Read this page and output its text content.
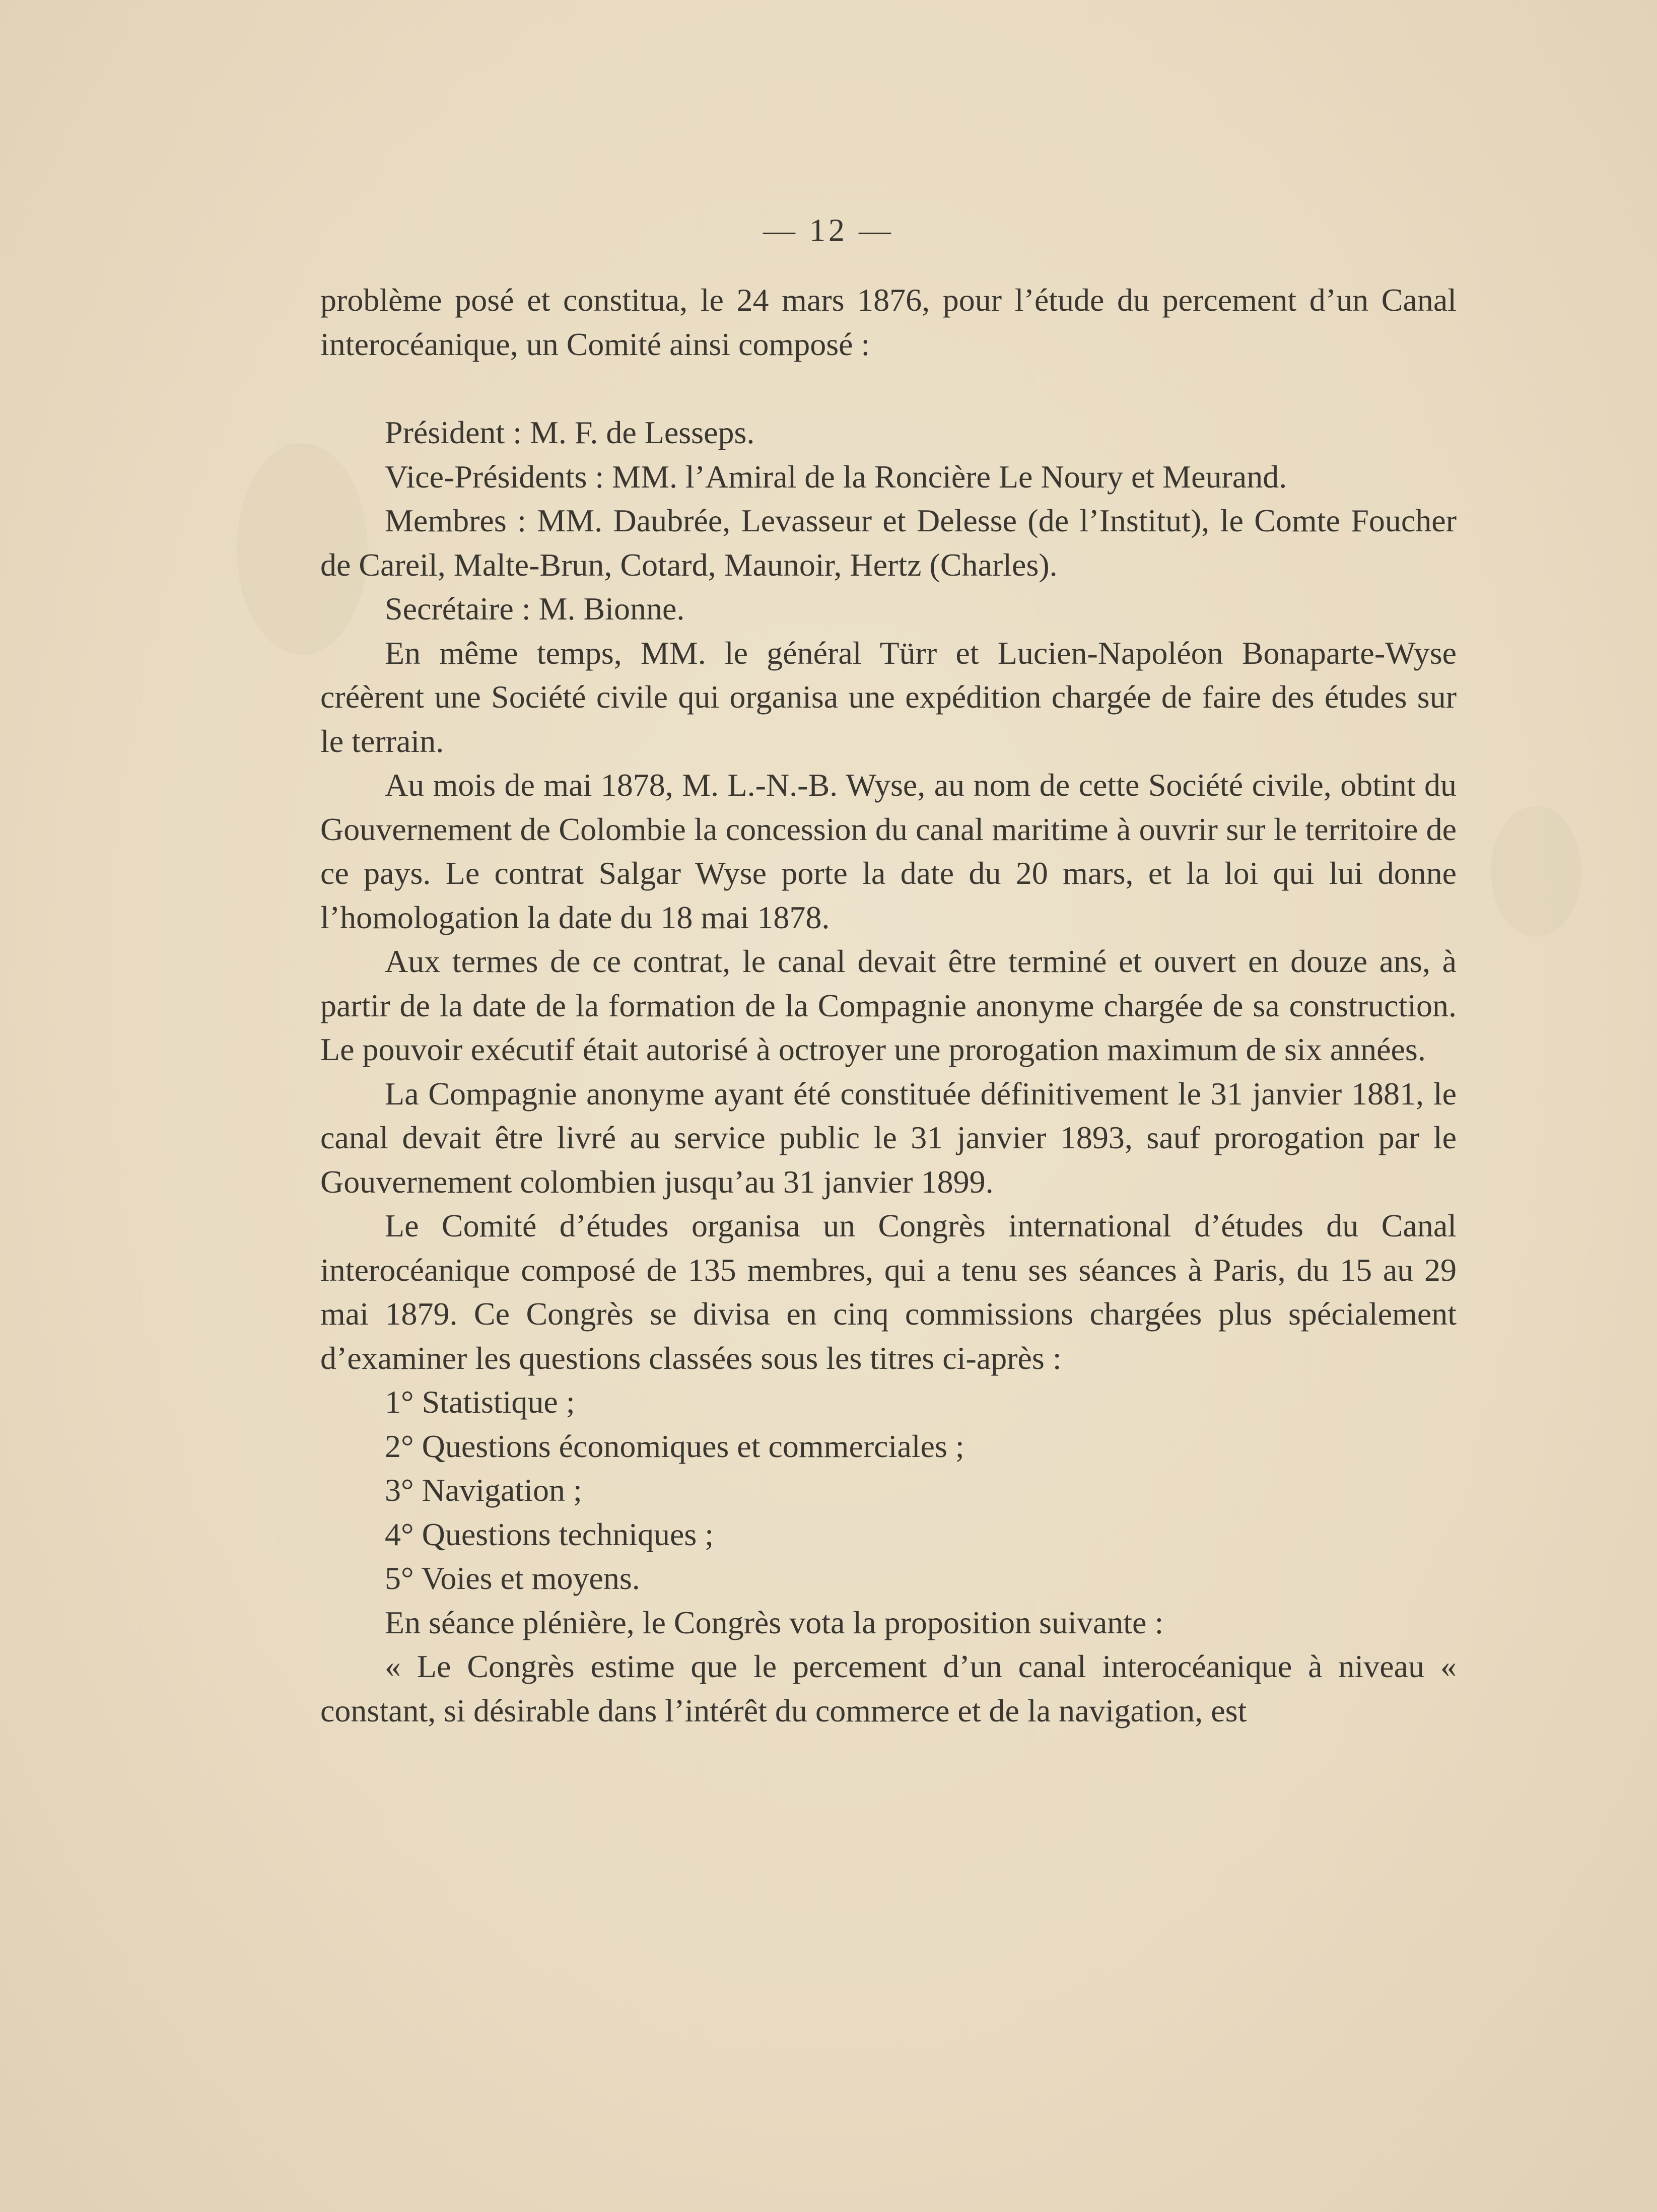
— 12 —

problème posé et constitua, le 24 mars 1876, pour l’étude du percement d’un Canal interocéanique, un Comité ainsi composé :

Président : M. F. de Lesseps.

Vice-Présidents : MM. l’Amiral de la Roncière Le Noury et Meurand.

Membres : MM. Daubrée, Levasseur et Delesse (de l’Institut), le Comte Foucher de Careil, Malte-Brun, Cotard, Maunoir, Hertz (Charles).

Secrétaire : M. Bionne.

En même temps, MM. le général Türr et Lucien-Napoléon Bonaparte-Wyse créèrent une Société civile qui organisa une expédition chargée de faire des études sur le terrain.

Au mois de mai 1878, M. L.-N.-B. Wyse, au nom de cette Société civile, obtint du Gouvernement de Colombie la concession du canal maritime à ouvrir sur le territoire de ce pays. Le contrat Salgar Wyse porte la date du 20 mars, et la loi qui lui donne l’homologation la date du 18 mai 1878.

Aux termes de ce contrat, le canal devait être terminé et ouvert en douze ans, à partir de la date de la formation de la Compagnie anonyme chargée de sa construction. Le pouvoir exécutif était autorisé à octroyer une prorogation maximum de six années.

La Compagnie anonyme ayant été constituée définitivement le 31 janvier 1881, le canal devait être livré au service public le 31 janvier 1893, sauf prorogation par le Gouvernement colombien jusqu’au 31 janvier 1899.

Le Comité d’études organisa un Congrès international d’études du Canal interocéanique composé de 135 membres, qui a tenu ses séances à Paris, du 15 au 29 mai 1879. Ce Congrès se divisa en cinq commissions chargées plus spécialement d’examiner les questions classées sous les titres ci-après :

1° Statistique ;

2° Questions économiques et commerciales ;

3° Navigation ;

4° Questions techniques ;

5° Voies et moyens.

En séance plénière, le Congrès vota la proposition suivante :

« Le Congrès estime que le percement d’un canal interocéanique à niveau « constant, si désirable dans l’intérêt du commerce et de la navigation, est
